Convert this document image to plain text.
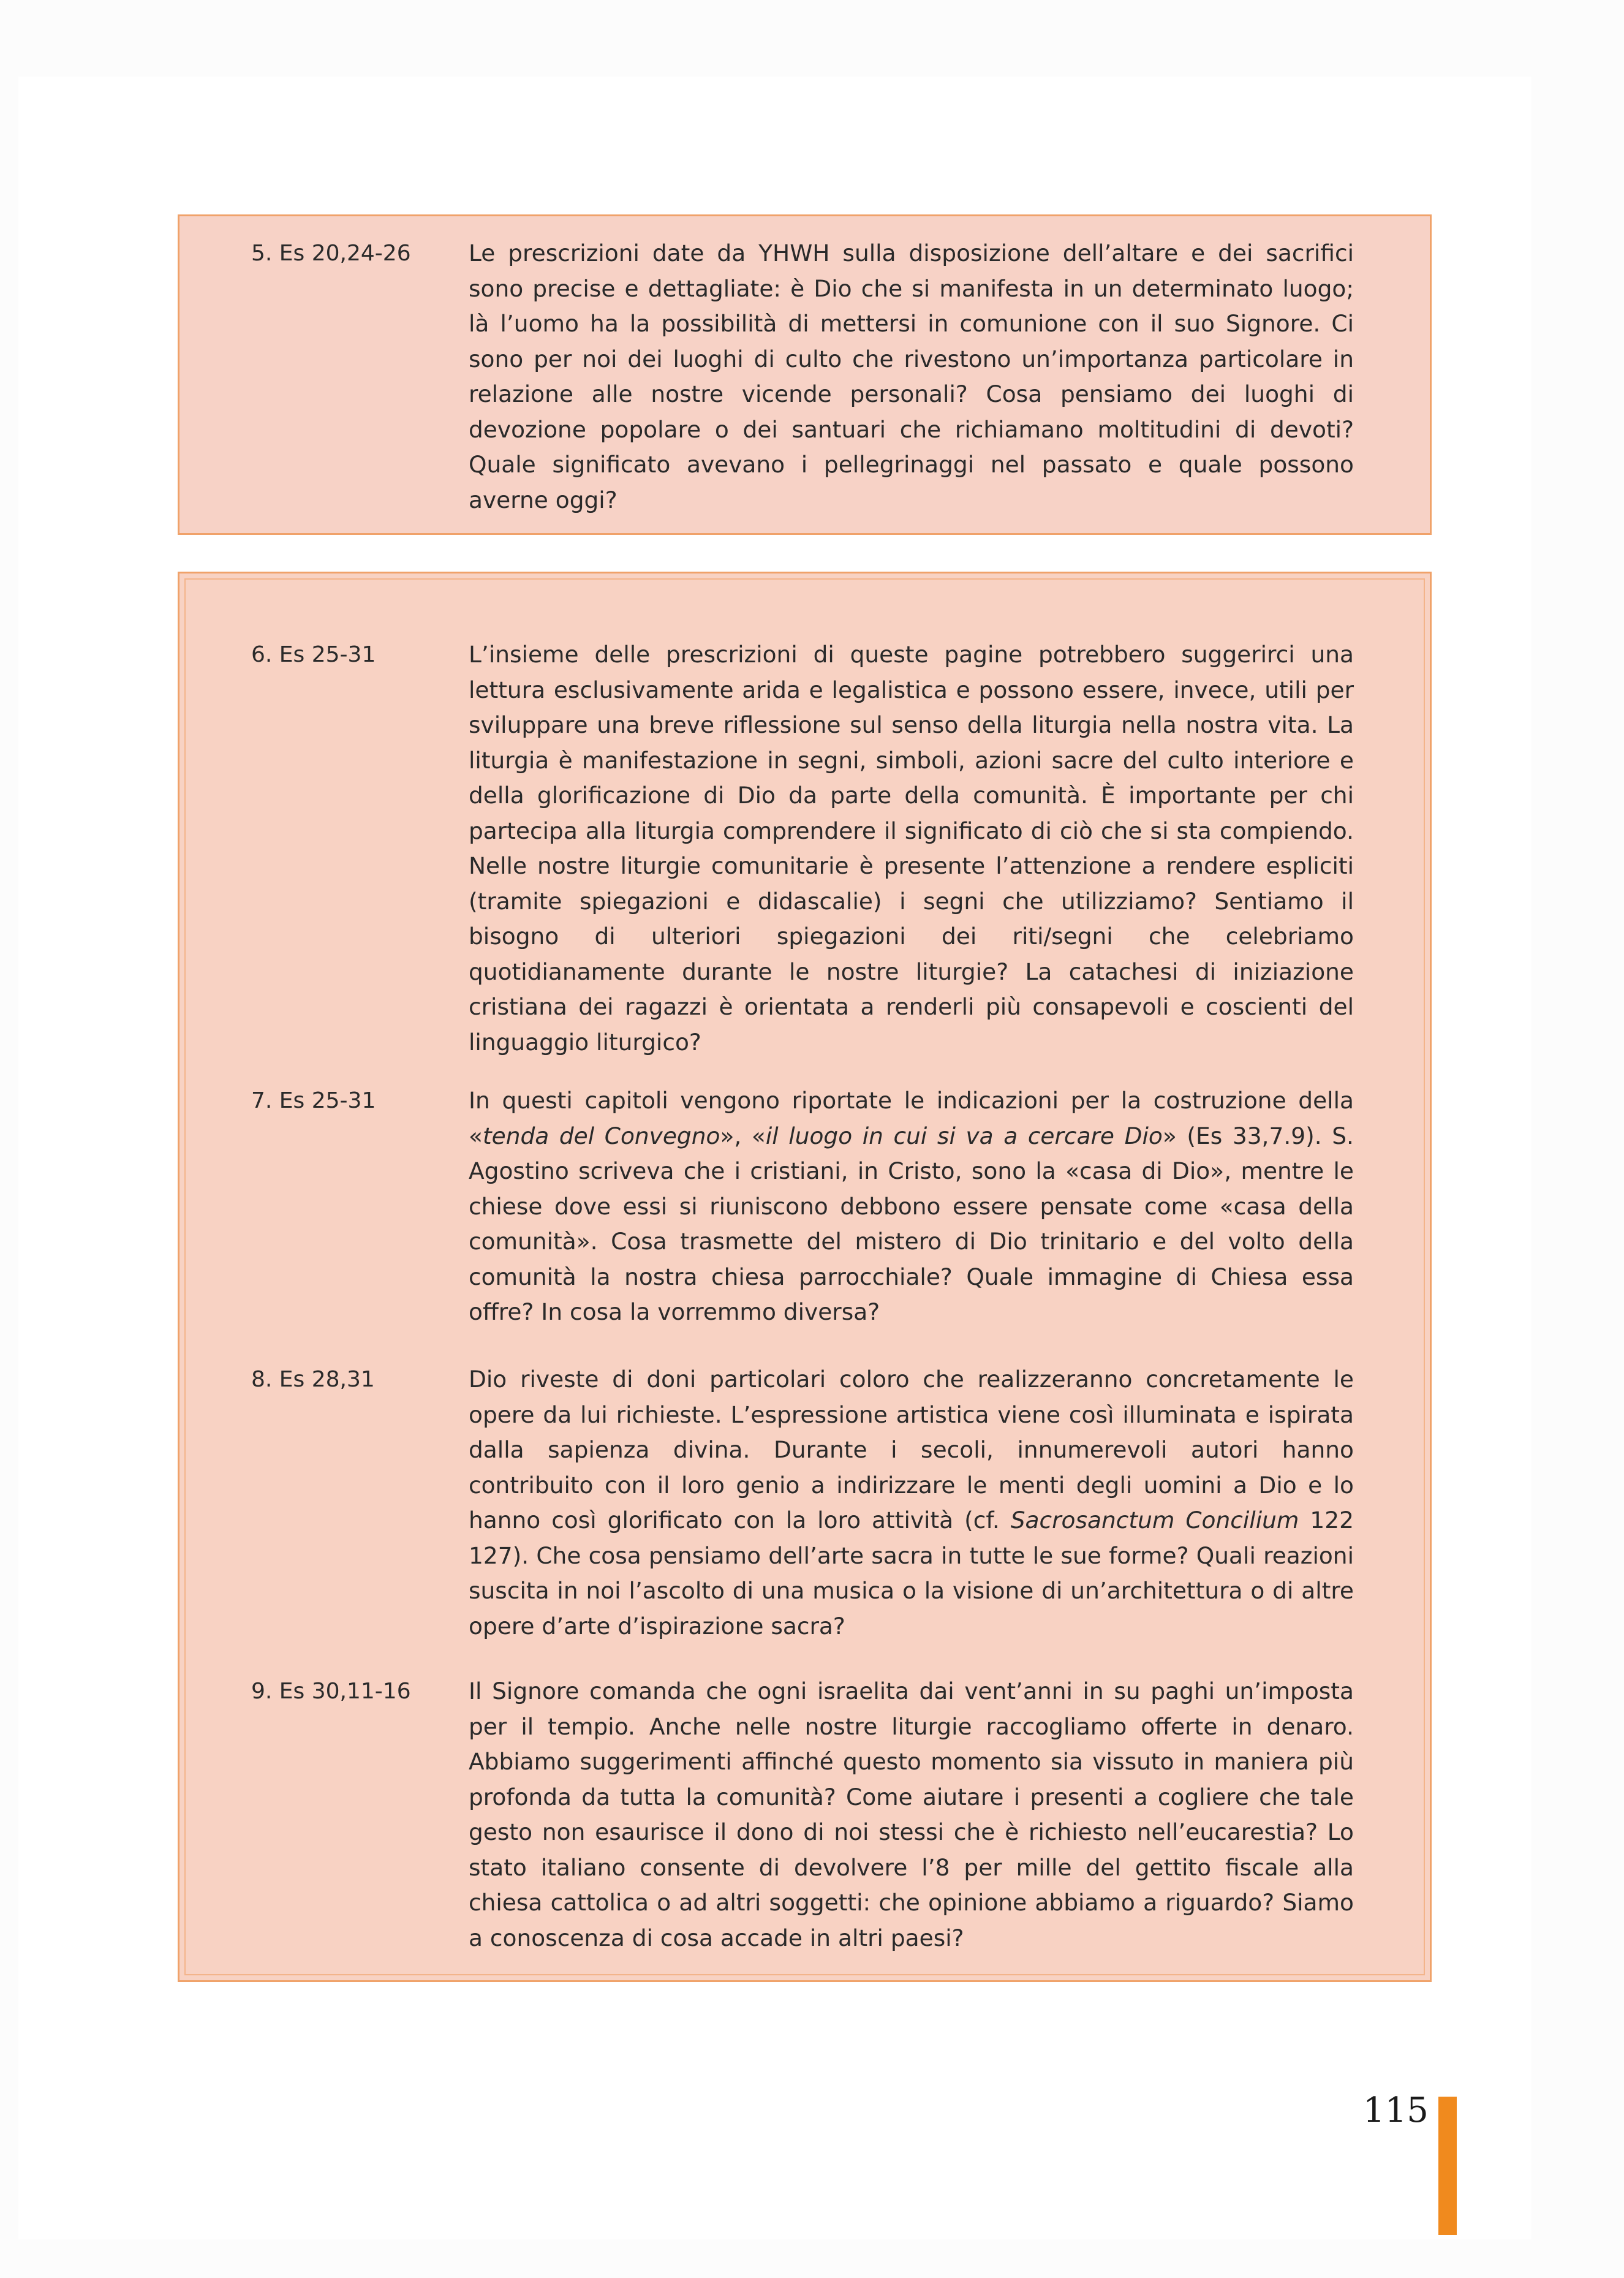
5. Es 20,24-26	Le prescrizioni date da YHWH sulla disposizione dell’altare e dei sacrifici sono precise e dettagliate: è Dio che si manifesta in un determinato luogo; là l’uomo ha la possibilità di mettersi in comunione con il suo Signore. Ci sono per noi dei luoghi di culto che rivestono un’importanza particolare in relazione alle nostre vicende personali? Cosa pensiamo dei luoghi di devozione popolare o dei santuari che richiamano moltitudini di devoti? Quale significato avevano i pellegrinaggi nel passato e quale possono averne oggi?
6. Es 25-31	L’insieme delle prescrizioni di queste pagine potrebbero suggerirci una lettura esclusivamente arida e legalistica e possono essere, invece, utili per sviluppare una breve riflessione sul senso della liturgia nella nostra vita. La liturgia è manifestazione in segni, simboli, azioni sacre del culto interiore e della glorificazione di Dio da parte della comunità. È importante per chi partecipa alla liturgia comprendere il significato di ciò che si sta compiendo. Nelle nostre liturgie comunitarie è presente l’attenzione a rendere espliciti (tramite spiegazioni e didascalie) i segni che utilizziamo? Sentiamo il bisogno di ulteriori spiegazioni dei riti/segni che celebriamo quotidianamente durante le nostre liturgie? La catachesi di iniziazione cristiana dei ragazzi è orientata a renderli più consapevoli e coscienti del linguaggio liturgico?
7. Es 25-31	In questi capitoli vengono riportate le indicazioni per la costruzione della «tenda del Convegno», «il luogo in cui si va a cercare Dio» (Es 33,7.9). S. Agostino scriveva che i cristiani, in Cristo, sono la «casa di Dio», mentre le chiese dove essi si riuniscono debbono essere pensate come «casa della comunità». Cosa trasmette del mistero di Dio trinitario e del volto della comunità la nostra chiesa parrocchiale? Quale immagine di Chiesa essa offre? In cosa la vorremmo diversa?
8. Es 28,31	Dio riveste di doni particolari coloro che realizzeranno concretamente le opere da lui richieste. L’espressione artistica viene così illuminata e ispirata dalla sapienza divina. Durante i secoli, innumerevoli autori hanno contribuito con il loro genio a indirizzare le menti degli uomini a Dio e lo hanno così glorificato con la loro attività (cf. Sacrosanctum Concilium 122 127). Che cosa pensiamo dell’arte sacra in tutte le sue forme? Quali reazioni suscita in noi l’ascolto di una musica o la visione di un’architettura o di altre opere d’arte d’ispirazione sacra?
9. Es 30,11-16	Il Signore comanda che ogni israelita dai vent’anni in su paghi un’imposta per il tempio. Anche nelle nostre liturgie raccogliamo offerte in denaro. Abbiamo suggerimenti affinché questo momento sia vissuto in maniera più profonda da tutta la comunità? Come aiutare i presenti a cogliere che tale gesto non esaurisce il dono di noi stessi che è richiesto nell’eucarestia? Lo stato italiano consente di devolvere l’8 per mille del gettito fiscale alla chiesa cattolica o ad altri soggetti: che opinione abbiamo a riguardo? Siamo a conoscenza di cosa accade in altri paesi?
115
